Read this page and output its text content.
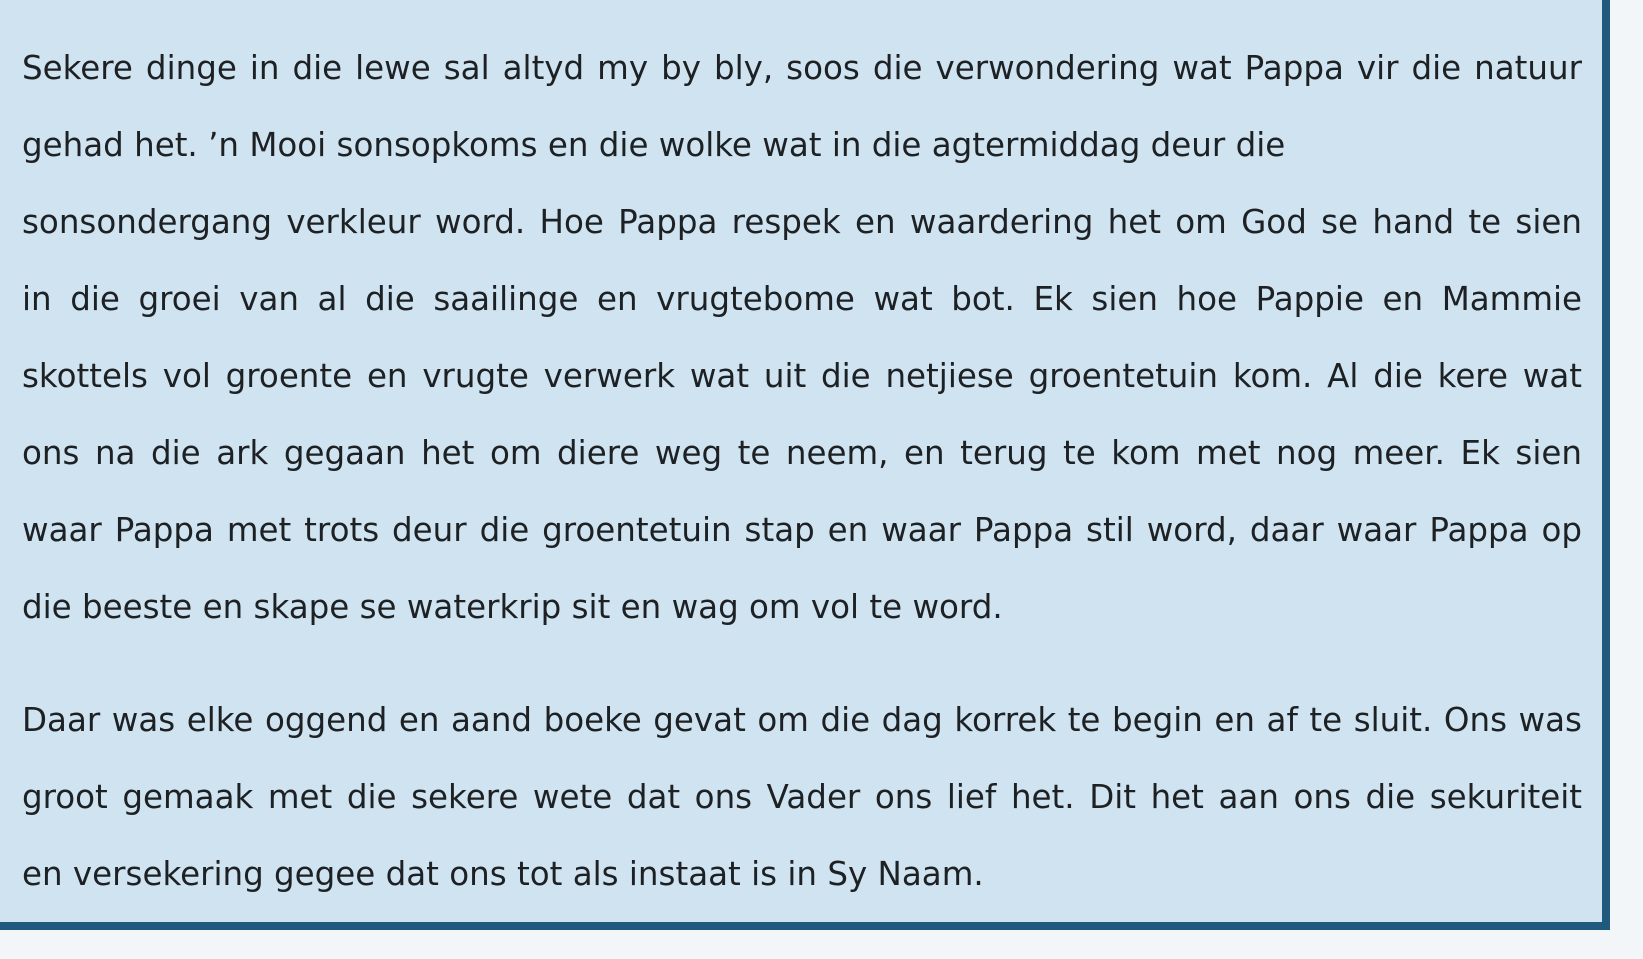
Sekere dinge in die lewe sal altyd my by bly, soos die verwondering wat Pappa vir die natuur
gehad het. ’n Mooi sonsopkoms en die wolke wat in die agtermiddag deur die
sonsondergang verkleur word. Hoe Pappa respek en waardering het om God se hand te sien
in die groei van al die saailinge en vrugtebome wat bot. Ek sien hoe Pappie en Mammie
skottels vol groente en vrugte verwerk wat uit die netjiese groentetuin kom. Al die kere wat
ons na die ark gegaan het om diere weg te neem, en terug te kom met nog meer. Ek sien
waar Pappa met trots deur die groentetuin stap en waar Pappa stil word, daar waar Pappa op
die beeste en skape se waterkrip sit en wag om vol te word.

Daar was elke oggend en aand boeke gevat om die dag korrek te begin en af te sluit. Ons was
groot gemaak met die sekere wete dat ons Vader ons lief het. Dit het aan ons die sekuriteit
en versekering gegee dat ons tot als instaat is in Sy Naam.
